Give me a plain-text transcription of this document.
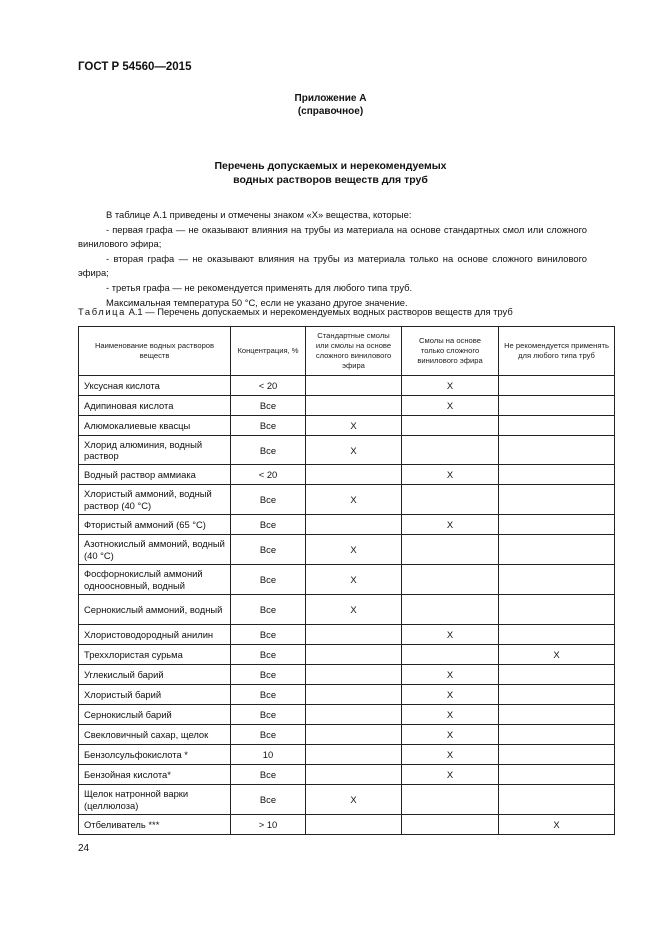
ГОСТ Р 54560—2015
Приложение А
(справочное)
Перечень допускаемых и нерекомендуемых
водных растворов веществ для труб

В таблице А.1 приведены и отмечены знаком «Х» вещества, которые:

- первая графа — не оказывают влияния на трубы из материала на основе стандартных смол или сложного винилового эфира;

- вторая графа — не оказывают влияния на трубы из материала только на основе сложного винилового эфира;

- третья графа — не рекомендуется применять для любого типа труб.

Максимальная температура 50 °С, если не указано другое значение.

Таблица А.1 — Перечень допускаемых и нерекомендуемых водных растворов веществ для труб
Наименование водных растворов веществ	Концентрация, %	Стандартные смолы или смолы на основе сложного винилового эфира	Смолы на основе только сложного винилового эфира	Не рекомендуется применять для любого типа труб
Уксусная кислота	< 20		X	
Адипиновая кислота	Все		X	
Алюмокалиевые квасцы	Все	X		
Хлорид алюминия, водный раствор	Все	X		
Водный раствор аммиака	< 20		X	
Хлористый аммоний, водный раствор (40 °С)	Все	X		
Фтористый аммоний (65 °С)	Все		X	
Азотнокислый аммоний, водный (40 °С)	Все	X		
Фосфорнокислый аммоний одноосновный, водный	Все	X		
Сернокислый аммоний, водный	Все	X		
Хлористоводородный анилин	Все		X	
Треххлористая сурьма	Все			X
Углекислый барий	Все		X	
Хлористый барий	Все		X	
Сернокислый барий	Все		X	
Свекловичный сахар, щелок	Все		X	
Бензолсульфокислота *	10		X	
Бензойная кислота*	Все		X	
Щелок натронной варки (целлюлоза)	Все	X		
Отбеливатель ***	> 10			X
24
